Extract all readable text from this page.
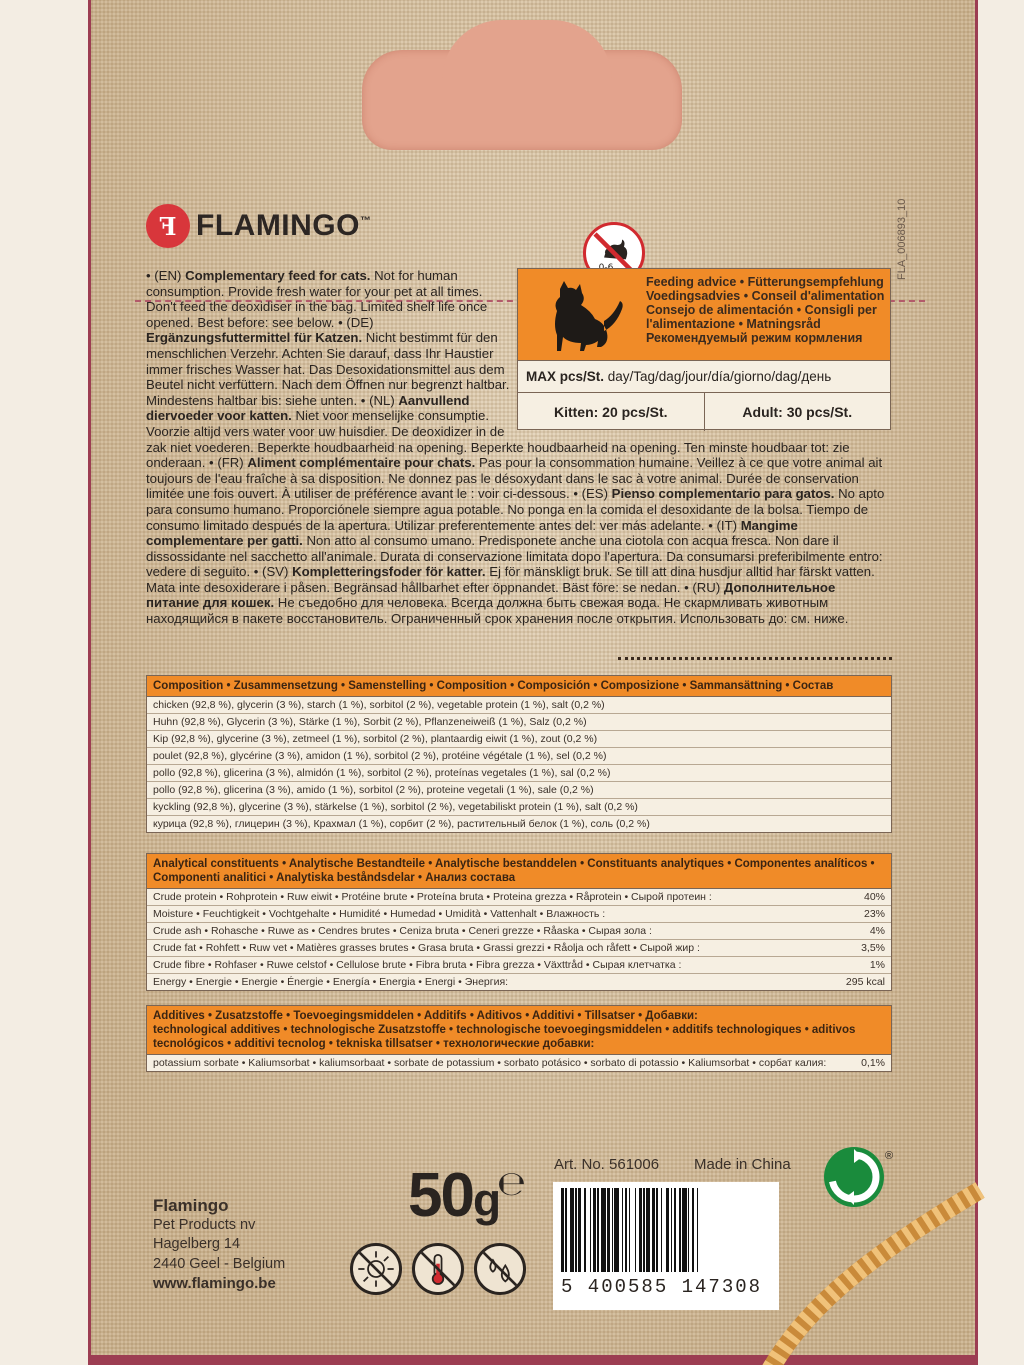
FLA_006893_10
ꟻ FLAMINGO™
• (EN) Complementary feed for cats. Not for human consumption. Provide fresh water for your pet at all times. Don't feed the deoxidiser in the bag. Limited shelf life once opened. Best before: see below. • (DE) Ergänzungsfuttermittel für Katzen. Nicht bestimmt für den menschlichen Verzehr. Achten Sie darauf, dass Ihr Haustier immer frisches Wasser hat. Das Desoxidationsmittel aus dem Beutel nicht verfüttern. Nach dem Öffnen nur begrenzt haltbar. Mindestens haltbar bis: siehe unten. • (NL) Aanvullend diervoeder voor katten. Niet voor menselijke consumptie. Voorzie altijd vers water voor uw huisdier. De deoxidizer in de zak niet voederen. Beperkte houdbaarheid na opening. Beperkte houdbaarheid na opening. Ten minste houdbaar tot: zie onderaan. • (FR) Aliment complémentaire pour chats. Pas pour la consommation humaine. Veillez à ce que votre animal ait toujours de l'eau fraîche à sa disposition. Ne donnez pas le désoxydant dans le sac à votre animal. Durée de conservation limitée une fois ouvert. À utiliser de préférence avant le : voir ci-dessous. • (ES) Pienso complementario para gatos. No apto para consumo humano. Proporciónele siempre agua potable. No ponga en la comida el desoxidante de la bolsa. Tiempo de consumo limitado después de la apertura. Utilizar preferentemente antes del: ver más adelante. • (IT) Mangime complementare per gatti. Non atto al consumo umano. Predisponete anche una ciotola con acqua fresca. Non dare il dissossidante nel sacchetto all'animale. Durata di conservazione limitata dopo l'apertura. Da consumarsi preferibilmente entro: vedere di seguito. • (SV) Kompletteringsfoder för katter. Ej för mänskligt bruk. Se till att dina husdjur alltid har färskt vatten. Mata inte desoxiderare i påsen. Begränsad hållbarhet efter öppnandet. Bäst före: se nedan. • (RU) Дополнительное питание для кошек. Не съедобно для человека. Всегда должна быть свежая вода. Не скармливать животным находящийся в пакете восстановитель. Ограниченный срок хранения после открытия. Использовать до: см. ниже.
Feeding advice • Fütterungsempfehlung
Voedingsadvies • Conseil d'alimentation
Consejo de alimentación • Consigli per
l'alimentazione • Matningsråd
Рекомендуемый режим кормления
MAX pcs/St. day/Tag/dag/jour/día/giorno/dag/день
Kitten: 20 pcs/St.	Adult: 30 pcs/St.
Composition • Zusammensetzung • Samenstelling • Composition • Composición • Composizione • Sammansättning • Состав
chicken (92,8 %), glycerin (3 %), starch (1 %), sorbitol (2 %), vegetable protein (1 %), salt (0,2 %)
Huhn (92,8 %), Glycerin (3 %), Stärke (1 %), Sorbit (2 %), Pflanzeneiweiß (1 %), Salz (0,2 %)
Kip (92,8 %), glycerine (3 %), zetmeel (1 %), sorbitol (2 %), plantaardig eiwit (1 %), zout (0,2 %)
poulet (92,8 %), glycérine (3 %), amidon (1 %), sorbitol (2 %), protéine végétale (1 %), sel (0,2 %)
pollo (92,8 %), glicerina (3 %), almidón (1 %), sorbitol (2 %), proteínas vegetales (1 %), sal (0,2 %)
pollo (92,8 %), glicerina (3 %), amido (1 %), sorbitol (2 %), proteine vegetali (1 %), sale (0,2 %)
kyckling (92,8 %), glycerine (3 %), stärkelse (1 %), sorbitol (2 %), vegetabiliskt protein (1 %), salt (0,2 %)
курица (92,8 %), глицерин (3 %), Крахмал (1 %), сорбит (2 %), растительный белок (1 %), соль (0,2 %)
Analytical constituents • Analytische Bestandteile • Analytische bestanddelen • Constituants analytiques • Componentes analíticos • Componenti analitici • Analytiska beståndsdelar • Анализ состава
Crude protein • Rohprotein • Ruw eiwit • Protéine brute • Proteína bruta • Proteina grezza • Råprotein • Сырой протеин :	40%
Moisture • Feuchtigkeit • Vochtgehalte • Humidité • Humedad • Umidità • Vattenhalt • Влажность :	23%
Crude ash • Rohasche • Ruwe as • Cendres brutes • Ceniza bruta • Ceneri grezze • Råaska • Сырая зола :	4%
Crude fat • Rohfett • Ruw vet • Matières grasses brutes • Grasa bruta • Grassi grezzi • Råolja och råfett • Сырой жир :	3,5%
Crude fibre • Rohfaser • Ruwe celstof • Cellulose brute • Fibra bruta • Fibra grezza • Växttråd • Сырая клетчатка :	1%
Energy • Energie • Energie • Énergie • Energía • Energia • Energi • Энергия:	295 kcal
Additives • Zusatzstoffe • Toevoegingsmiddelen • Additifs • Aditivos • Additivi • Tillsatser • Добавки:
technological additives • technologische Zusatzstoffe • technologische toevoegingsmiddelen • additifs technologiques • aditivos tecnológicos • additivi tecnolog • tekniska tillsatser • технологические добавки:
potassium sorbate • Kaliumsorbat • kaliumsorbaat • sorbate de potassium • sorbato potásico • sorbato di potassio • Kaliumsorbat • сорбат калия:	0,1%
Flamingo
Pet Products nv
Hagelberg 14
2440 Geel - Belgium
www.flamingo.be
50g
℮ Art. No. 561006 Made in China
5 400585 147308
®
